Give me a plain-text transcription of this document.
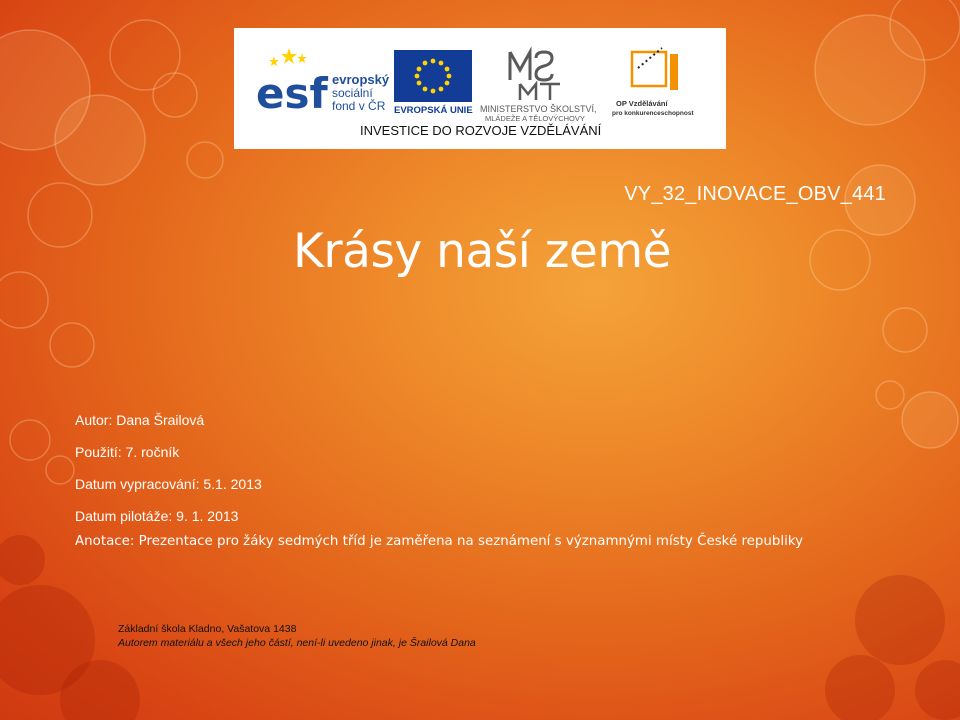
esf evropský
sociální
fond v ČR EVROPSKÁ UNIE MINISTERSTVO ŠKOLSTVÍ,
MLÁDEŽE A TĚLOVÝCHOVY
OP Vzdělávání
pro konkurenceschopnost
INVESTICE DO ROZVOJE VZDĚLÁVÁNÍ
VY_32_INOVACE_OBV_441
Krásy naší země
Autor: Dana Šrailová
Použití: 7. ročník
Datum vypracování: 5.1. 2013
Datum pilotáže: 9. 1. 2013
Anotace: Prezentace pro žáky sedmých tříd je zaměřena na seznámení s významnými místy České republiky
Základní škola Kladno, Vašatova 1438
Autorem materiálu a všech jeho částí, není-li uvedeno jinak, je Šrailová Dana
